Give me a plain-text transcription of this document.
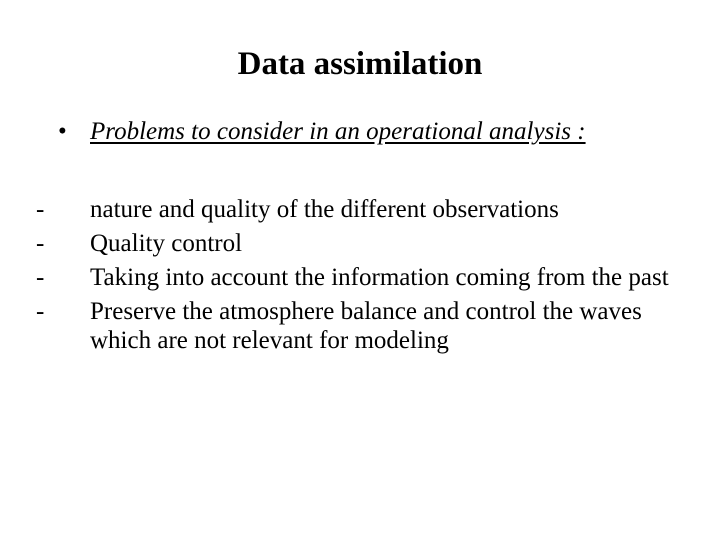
Data assimilation
• Problems to consider in an operational analysis :
-	nature and quality of the different observations
-	Quality control
-	Taking into account the information coming from the past
-	Preserve the atmosphere balance and control the waves which are not relevant for modeling
